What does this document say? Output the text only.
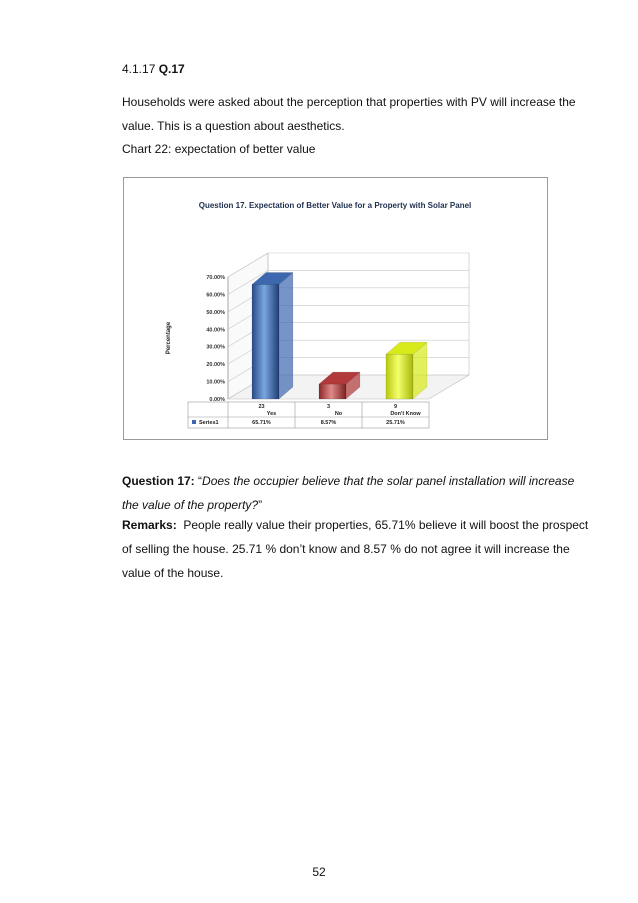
4.1.17 Q.17
Households were asked about the perception that properties with PV will increase the value. This is a question about aesthetics.
Chart 22: expectation of better value
Question 17. Expectation of Better Value for a Property with Solar Panel
Percentage
0.00%
10.00%
20.00%
30.00%
40.00%
50.00%
60.00%
70.00%
23
Yes
65.71%
3
No
8.57%
9
Don't Know
25.71%
Series1
Question 17: “Does the occupier believe that the solar panel installation will increase the value of the property?”
Remarks: People really value their properties, 65.71% believe it will boost the prospect of selling the house. 25.71 % don’t know and 8.57 % do not agree it will increase the value of the house.
52
